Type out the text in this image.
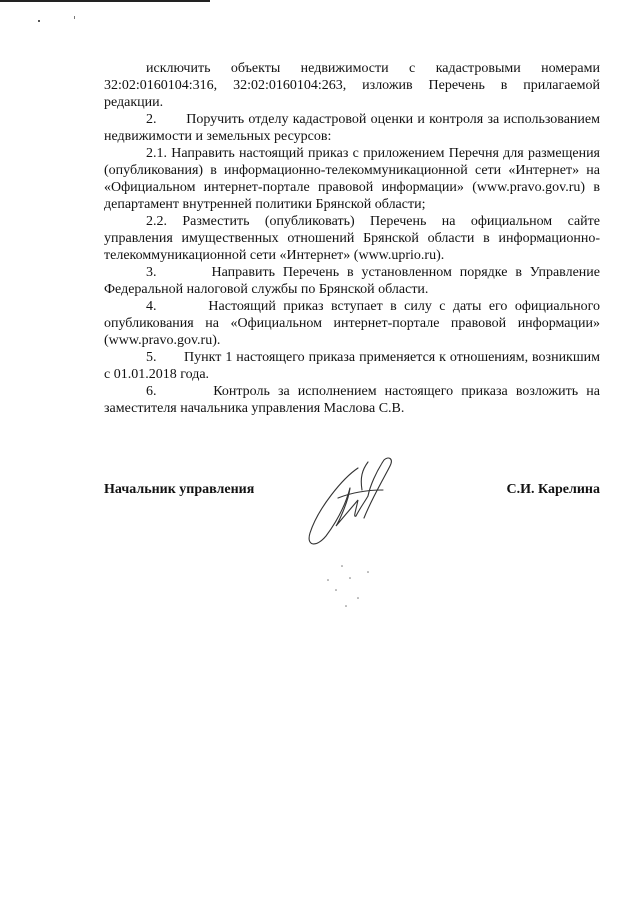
исключить объекты недвижимости с кадастровыми номерами 32:02:0160104:316, 32:02:0160104:263, изложив Перечень в прилагаемой редакции.

2.       Поручить отделу кадастровой оценки и контроля за использованием недвижимости и земельных ресурсов:

2.1. Направить настоящий приказ с приложением Перечня для размещения (опубликования) в информационно-телекоммуникационной сети «Интернет» на «Официальном интернет-портале правовой информации» (www.pravo.gov.ru) в департамент внутренней политики Брянской области;

2.2. Разместить (опубликовать) Перечень на официальном сайте управления имущественных отношений Брянской области в информационно-телекоммуникационной сети «Интернет» (www.uprio.ru).

3.       Направить Перечень в установленном порядке в Управление Федеральной налоговой службы по Брянской области.

4.       Настоящий приказ вступает в силу с даты его официального опубликования на «Официальном интернет-портале правовой информации» (www.pravo.gov.ru).

5.       Пункт 1 настоящего приказа применяется к отношениям, возникшим с 01.01.2018 года.

6.       Контроль за исполнением настоящего приказа возложить на заместителя начальника управления Маслова С.В.

Начальник управления	С.И. Карелина
